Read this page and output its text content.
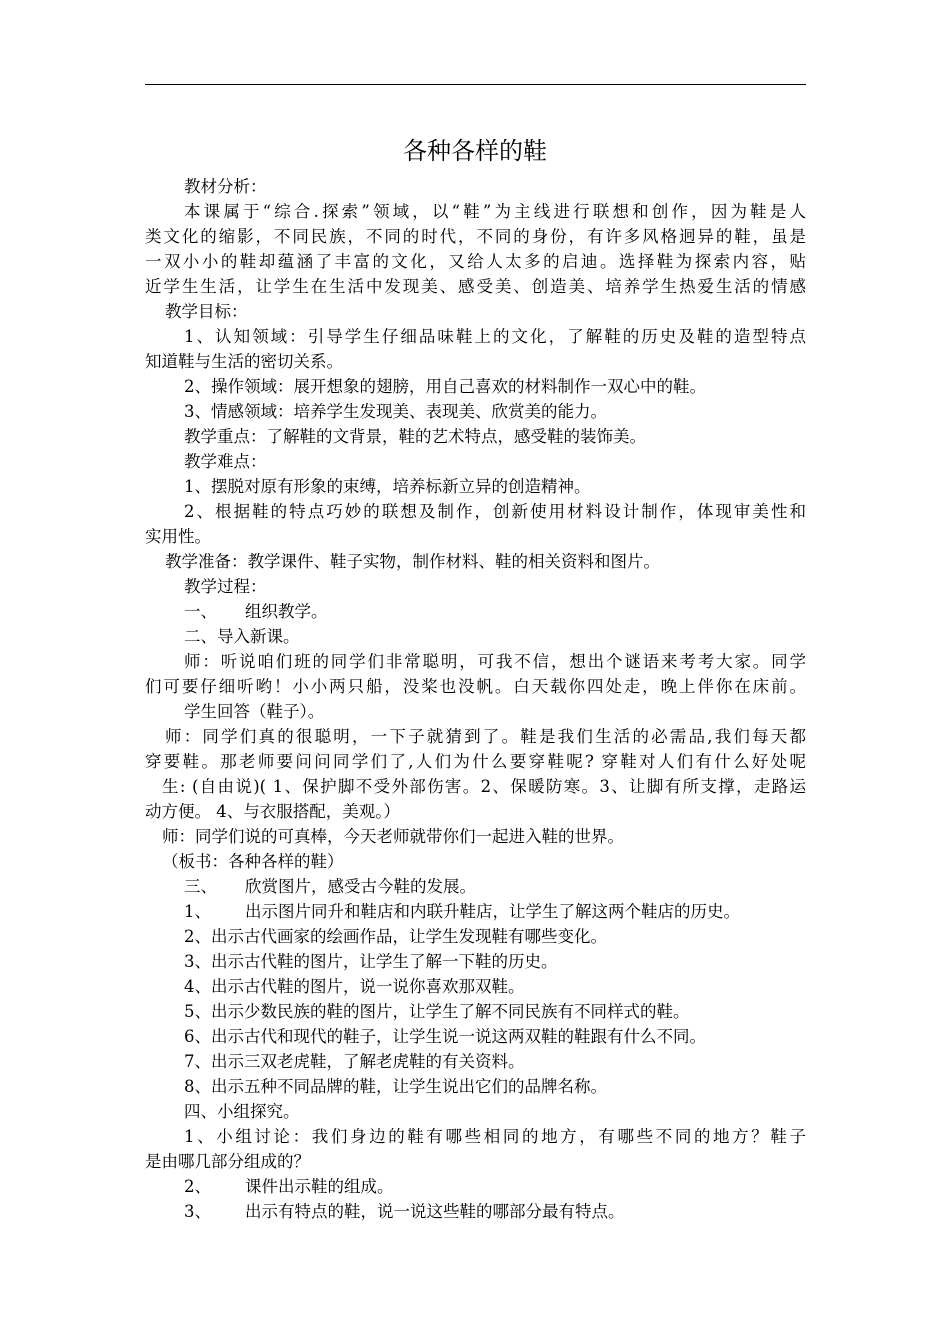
各种各样的鞋
教材分析：
本课属于“综合.探索”领域，以“鞋”为主线进行联想和创作，因为鞋是人
类文化的缩影，不同民族，不同的时代，不同的身份，有许多风格迥异的鞋，虽是
一双小小的鞋却蕴涵了丰富的文化，又给人太多的启迪。选择鞋为探索内容，贴
近学生生活，让学生在生活中发现美、感受美、创造美、培养学生热爱生活的情感
教学目标：
1、认知领域：引导学生仔细品味鞋上的文化，了解鞋的历史及鞋的造型特点
知道鞋与生活的密切关系。
2、操作领域：展开想象的翅膀，用自己喜欢的材料制作一双心中的鞋。
3、情感领域：培养学生发现美、表现美、欣赏美的能力。
教学重点：了解鞋的文背景，鞋的艺术特点，感受鞋的装饰美。
教学难点：
1、摆脱对原有形象的束缚，培养标新立异的创造精神。
2、根据鞋的特点巧妙的联想及制作，创新使用材料设计制作，体现审美性和
实用性。
教学准备：教学课件、鞋子实物，制作材料、鞋的相关资料和图片。
教学过程：
一、 组织教学。
二、导入新课。
师：听说咱们班的同学们非常聪明，可我不信，想出个谜语来考考大家。同学
们可要仔细听哟！小小两只船，没桨也没帆。白天载你四处走，晚上伴你在床前。
学生回答（鞋子）。
师：同学们真的很聪明，一下子就猜到了。鞋是我们生活的必需品,我们每天都
穿要鞋。那老师要问问同学们了,人们为什么要穿鞋呢? 穿鞋对人们有什么好处呢
生: (自由说)( 1、保护脚不受外部伤害。2、保暖防寒。3、让脚有所支撑，走路运
动方便。 4、与衣服搭配，美观。）
师：同学们说的可真棒，今天老师就带你们一起进入鞋的世界。
（板书：各种各样的鞋）
三、 欣赏图片，感受古今鞋的发展。
1、 出示图片同升和鞋店和内联升鞋店，让学生了解这两个鞋店的历史。
2、出示古代画家的绘画作品，让学生发现鞋有哪些变化。
3、出示古代鞋的图片，让学生了解一下鞋的历史。
4、出示古代鞋的图片，说一说你喜欢那双鞋。
5、出示少数民族的鞋的图片，让学生了解不同民族有不同样式的鞋。
6、出示古代和现代的鞋子，让学生说一说这两双鞋的鞋跟有什么不同。
7、出示三双老虎鞋，了解老虎鞋的有关资料。
8、出示五种不同品牌的鞋，让学生说出它们的品牌名称。
四、小组探究。
1、小组讨论：我们身边的鞋有哪些相同的地方，有哪些不同的地方？鞋子
是由哪几部分组成的？
2、 课件出示鞋的组成。
3、 出示有特点的鞋，说一说这些鞋的哪部分最有特点。
